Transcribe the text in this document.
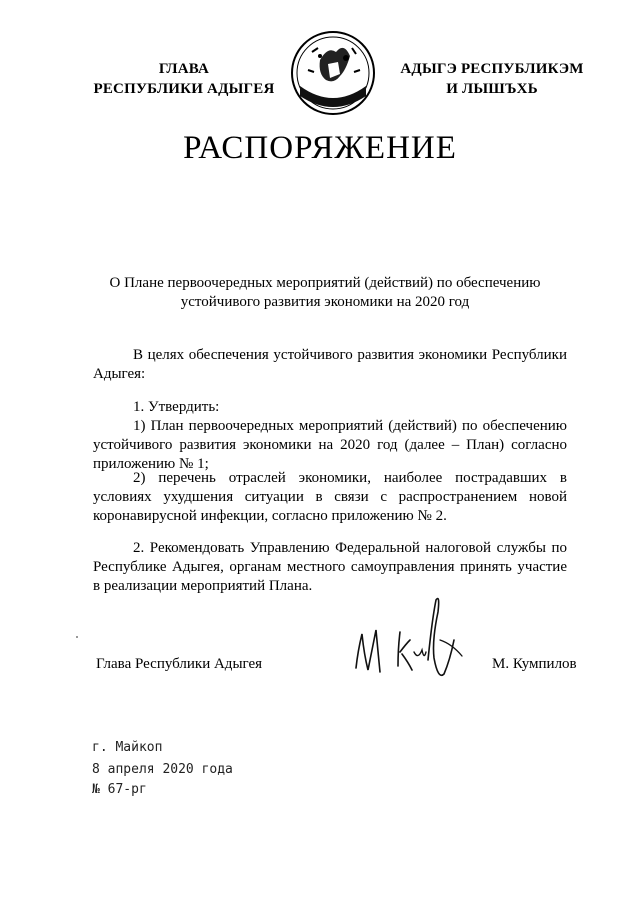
ГЛАВА
РЕСПУБЛИКИ АДЫГЕЯ
АДЫГЭ РЕСПУБЛИКЭМ
И ЛЫШЪХЬ
РАСПОРЯЖЕНИЕ
О Плане первоочередных мероприятий (действий) по обеспечению
устойчивого развития экономики на 2020 год
В целях обеспечения устойчивого развития экономики Республики Адыгея:
1. Утвердить:
1) План первоочередных мероприятий (действий) по обеспечению устойчивого развития экономики на 2020 год (далее – План) согласно приложению № 1;
2) перечень отраслей экономики, наиболее пострадавших в условиях ухудшения ситуации в связи с распространением новой коронавирусной инфекции, согласно приложению № 2.
2. Рекомендовать Управлению Федеральной налоговой службы по Республике Адыгея, органам местного самоуправления принять участие в реализации мероприятий Плана.
Глава Республики Адыгея	М. Кумпилов
г. Майкоп
8 апреля 2020 года
№ 67-рг
